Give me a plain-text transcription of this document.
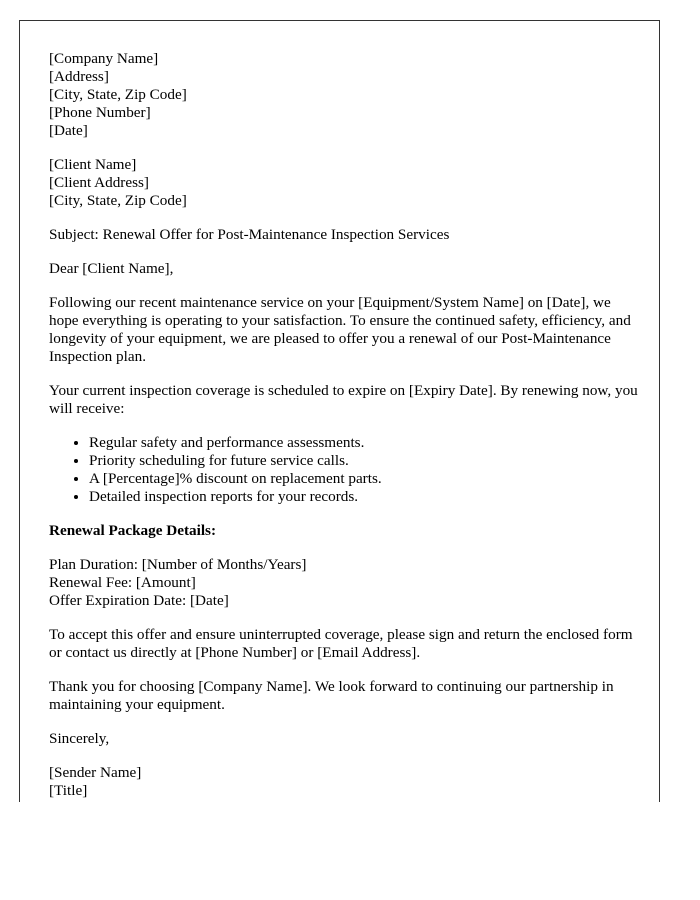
[Company Name]
[Address]
[City, State, Zip Code]
[Phone Number]
[Date]
[Client Name]
[Client Address]
[City, State, Zip Code]

Subject: Renewal Offer for Post-Maintenance Inspection Services

Dear [Client Name],

Following our recent maintenance service on your [Equipment/System Name] on [Date], we hope everything is operating to your satisfaction. To ensure the continued safety, efficiency, and longevity of your equipment, we are pleased to offer you a renewal of our Post-Maintenance Inspection plan.

Your current inspection coverage is scheduled to expire on [Expiry Date]. By renewing now, you will receive:

• Regular safety and performance assessments.
• Priority scheduling for future service calls.
• A [Percentage]% discount on replacement parts.
• Detailed inspection reports for your records.

Renewal Package Details:

Plan Duration: [Number of Months/Years]
Renewal Fee: [Amount]
Offer Expiration Date: [Date]

To accept this offer and ensure uninterrupted coverage, please sign and return the enclosed form or contact us directly at [Phone Number] or [Email Address].

Thank you for choosing [Company Name]. We look forward to continuing our partnership in maintaining your equipment.

Sincerely,

[Sender Name]
[Title]
